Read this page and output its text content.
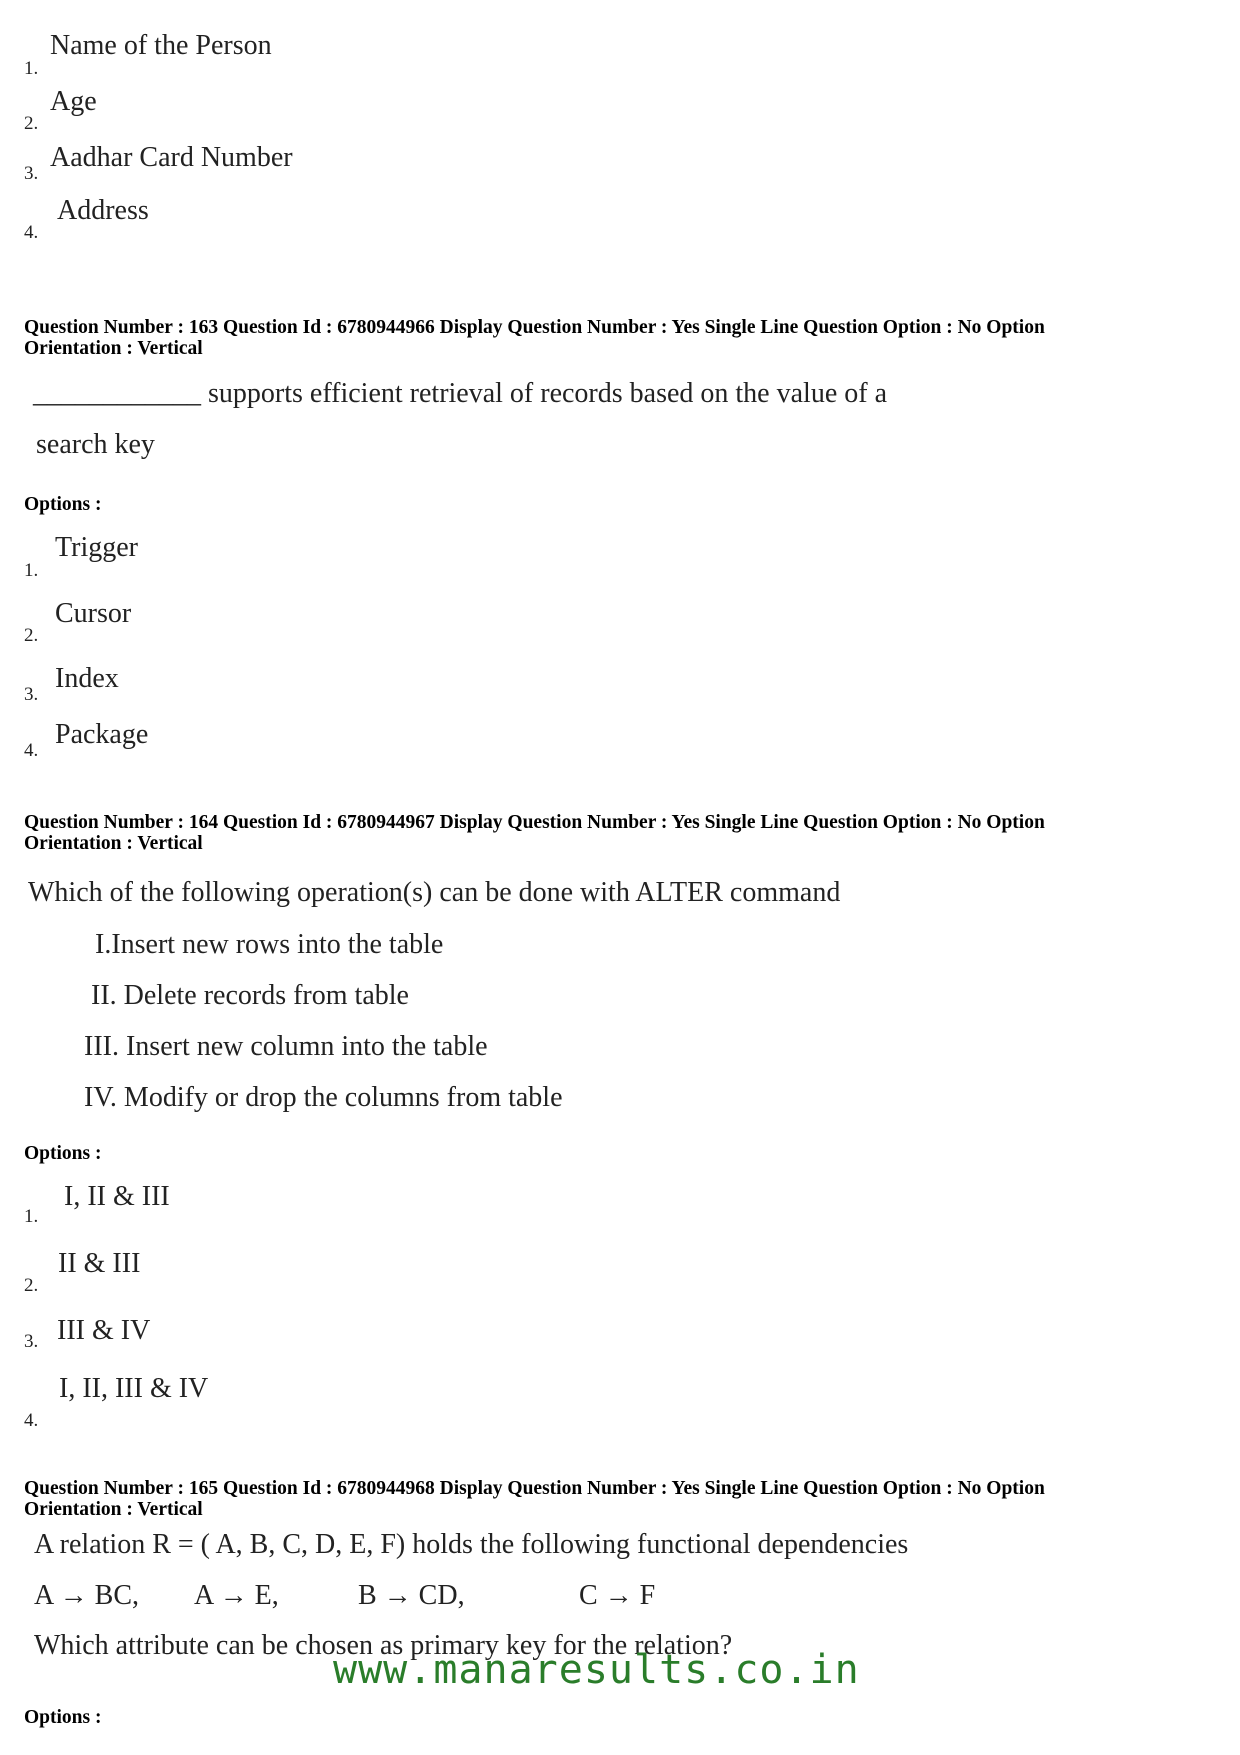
1.
Name of the Person
2.
Age
3.
Aadhar Card Number
4.
Address
Question Number : 163 Question Id : 6780944966 Display Question Number : Yes Single Line Question Option : No Option
Orientation : Vertical
____________ supports efficient retrieval of records based on the value of a
search key
Options :
1.
Trigger
2.
Cursor
3.
Index
4.
Package
Question Number : 164 Question Id : 6780944967 Display Question Number : Yes Single Line Question Option : No Option
Orientation : Vertical
Which of the following operation(s) can be done with ALTER command
I.Insert new rows into the table
II. Delete records from table
III. Insert new column into the table
IV. Modify or drop the columns from table
Options :
1.
I, II & III
2.
II & III
3. III & IV
4.
I, II, III & IV
Question Number : 165 Question Id : 6780944968 Display Question Number : Yes Single Line Question Option : No Option
Orientation : Vertical
A relation R = ( A, B, C, D, E, F) holds the following functional dependencies
A → BC, A → E,	B → CD,	C → F
Which attribute can be chosen as primary key for the relation?
Options :
www.manaresults.co.in
